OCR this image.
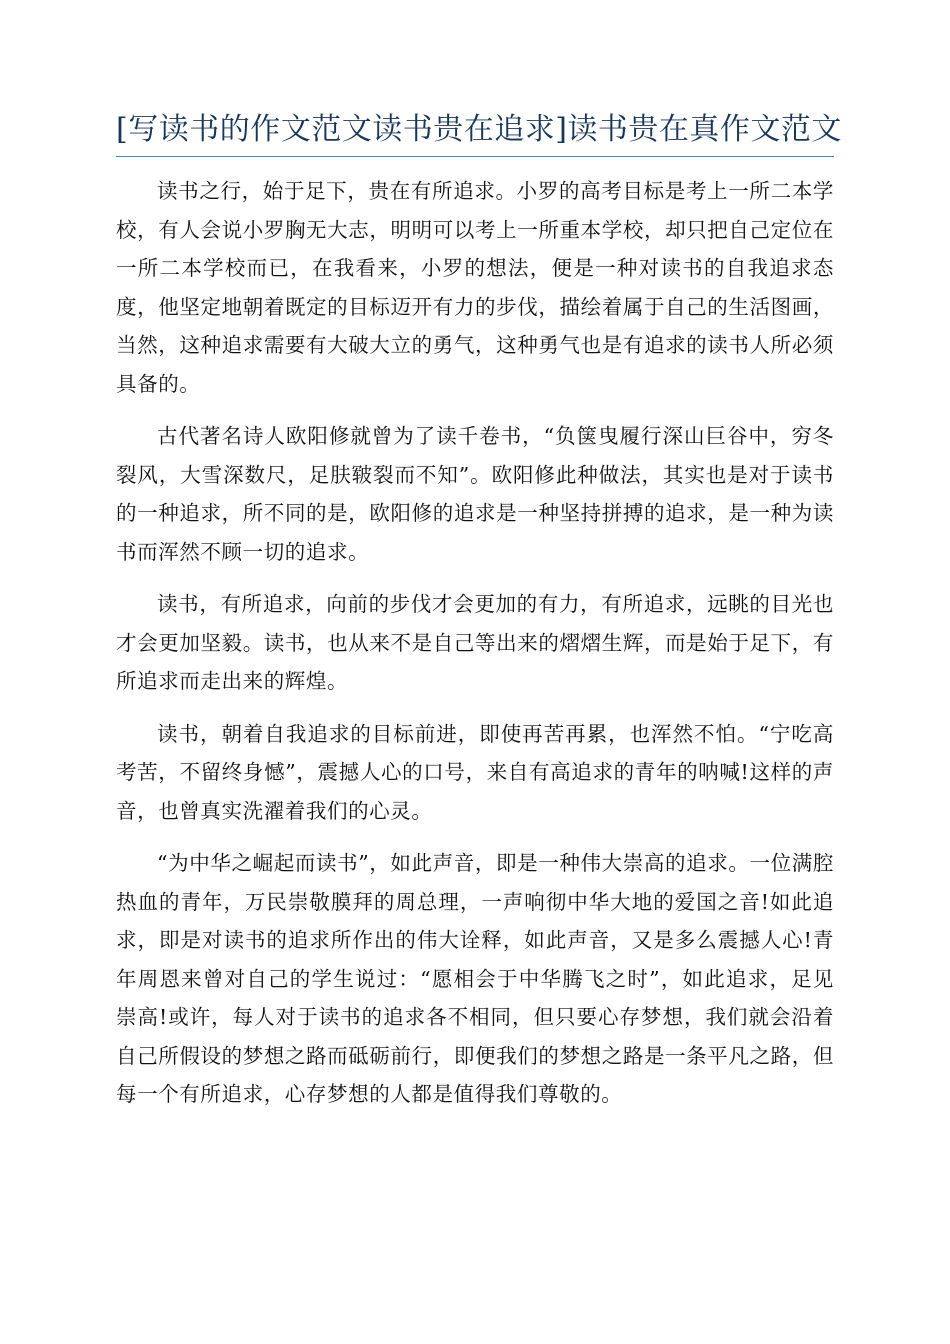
[写读书的作文范文读书贵在追求]读书贵在真作文范文

读书之行，始于足下，贵在有所追求。小罗的高考目标是考上一所二本学校，有人会说小罗胸无大志，明明可以考上一所重本学校，却只把自己定位在一所二本学校而已，在我看来，小罗的想法，便是一种对读书的自我追求态度，他坚定地朝着既定的目标迈开有力的步伐，描绘着属于自己的生活图画，当然，这种追求需要有大破大立的勇气，这种勇气也是有追求的读书人所必须具备的。

古代著名诗人欧阳修就曾为了读千卷书，“负箧曳履行深山巨谷中，穷冬裂风，大雪深数尺，足肤皲裂而不知”。欧阳修此种做法，其实也是对于读书的一种追求，所不同的是，欧阳修的追求是一种坚持拼搏的追求，是一种为读书而浑然不顾一切的追求。

读书，有所追求，向前的步伐才会更加的有力，有所追求，远眺的目光也才会更加坚毅。读书，也从来不是自己等出来的熠熠生辉，而是始于足下，有所追求而走出来的辉煌。

读书，朝着自我追求的目标前进，即使再苦再累，也浑然不怕。“宁吃高考苦，不留终身憾”，震撼人心的口号，来自有高追求的青年的呐喊!这样的声音，也曾真实洗濯着我们的心灵。

“为中华之崛起而读书”，如此声音，即是一种伟大崇高的追求。一位满腔热血的青年，万民崇敬膜拜的周总理，一声响彻中华大地的爱国之音!如此追求，即是对读书的追求所作出的伟大诠释，如此声音，又是多么震撼人心!青年周恩来曾对自己的学生说过：“愿相会于中华腾飞之时”，如此追求，足见崇高!或许，每人对于读书的追求各不相同，但只要心存梦想，我们就会沿着自己所假设的梦想之路而砥砺前行，即便我们的梦想之路是一条平凡之路，但每一个有所追求，心存梦想的人都是值得我们尊敬的。
